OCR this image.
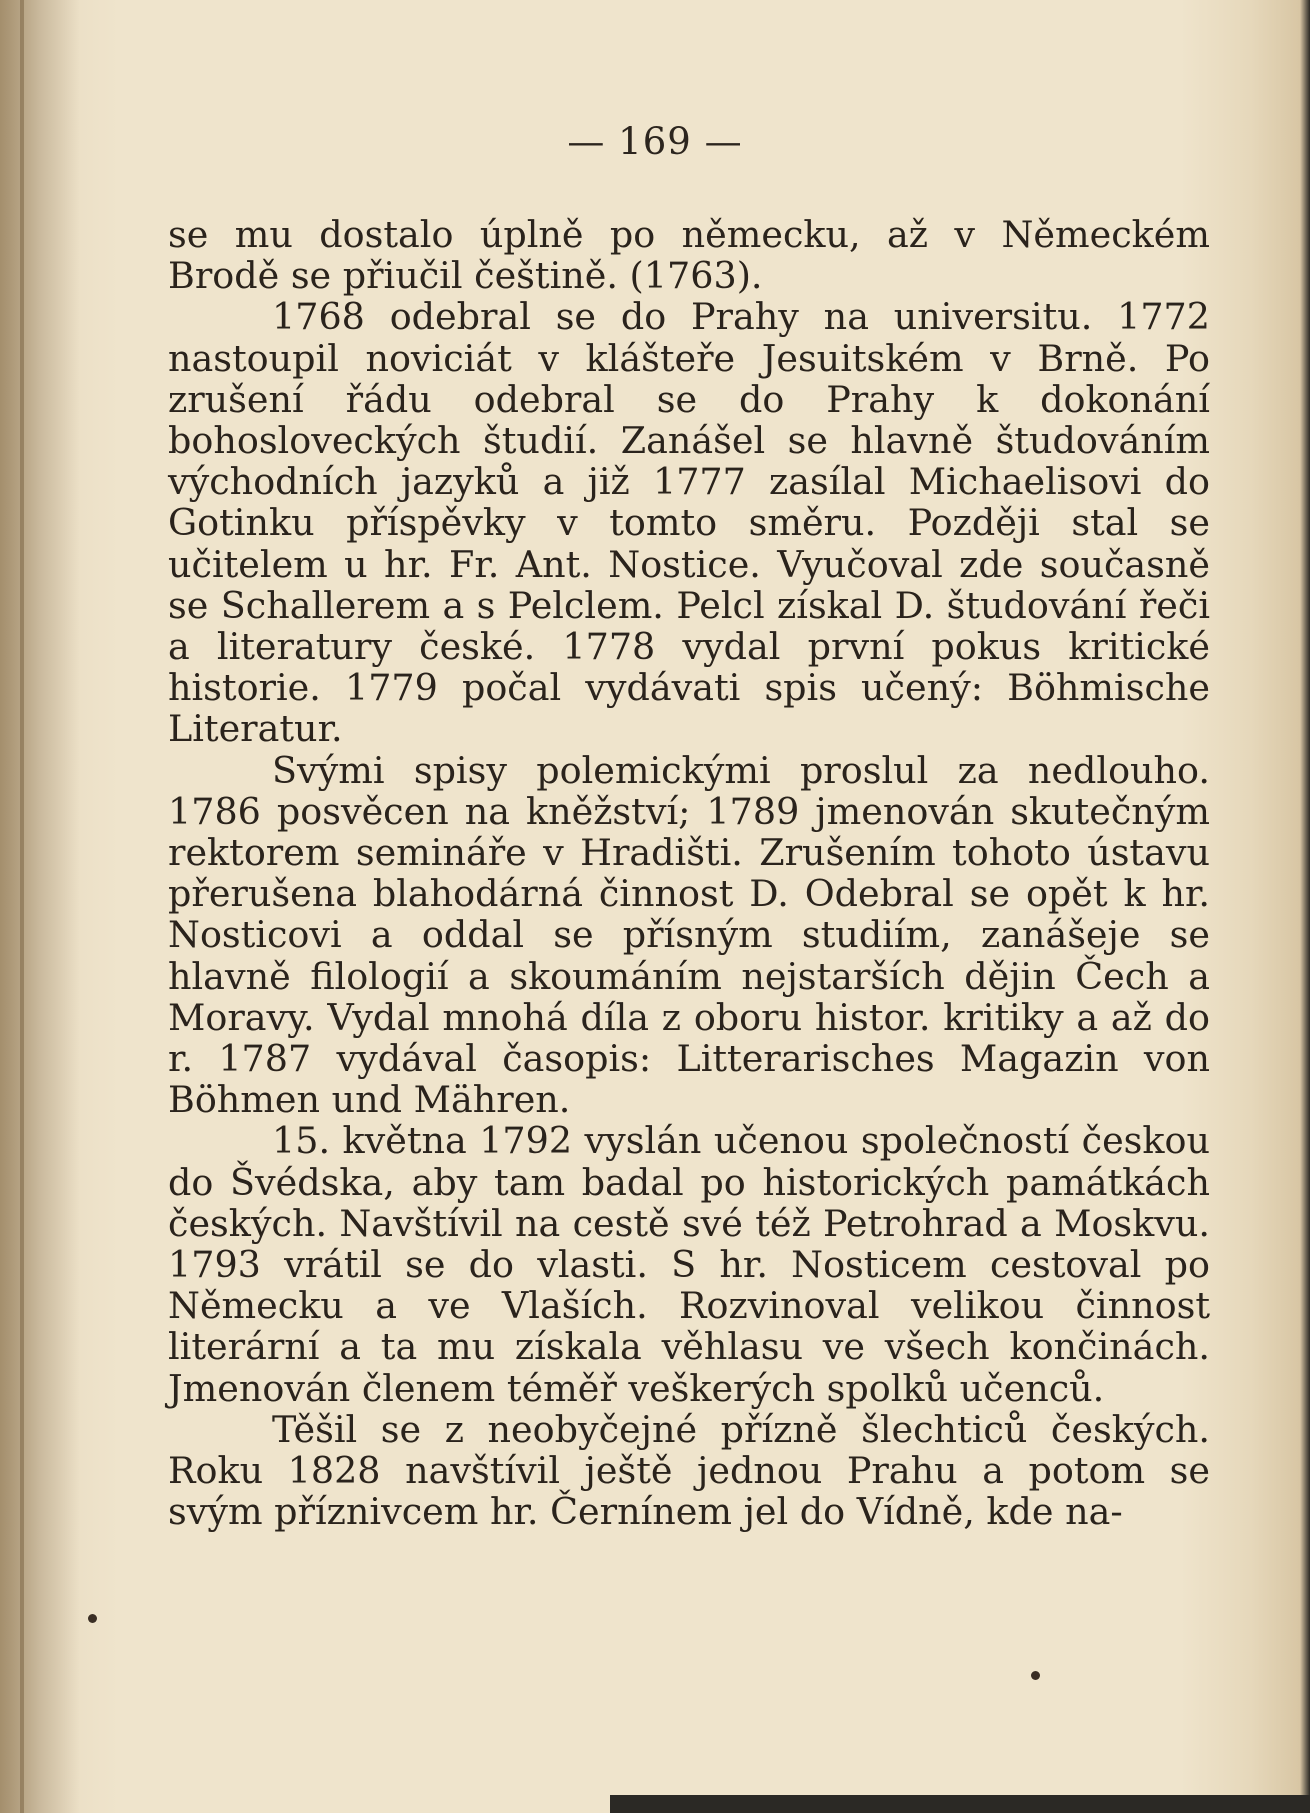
— 169 —

se mu dostalo úplně po německu, až v Německém Brodě se přiučil češtině. (1763).

1768 odebral se do Prahy na universitu. 1772 nastoupil noviciát v klášteře Jesuitském v Brně. Po zrušení řádu odebral se do Prahy k dokonání bohosloveckých študií. Zanášel se hlavně študováním východních jazyků a již 1777 zasílal Michaelisovi do Gotinku příspěvky v tomto směru. Později stal se učitelem u hr. Fr. Ant. Nostice. Vyučoval zde současně se Schallerem a s Pelclem. Pelcl získal D. študování řeči a literatury české. 1778 vydal první pokus kritické historie. 1779 počal vydávati spis učený: Böhmische Literatur.

Svými spisy polemickými proslul za nedlouho. 1786 posvěcen na kněžství; 1789 jmenován skutečným rektorem semináře v Hradišti. Zrušením tohoto ústavu přerušena blahodárná činnost D. Odebral se opět k hr. Nosticovi a oddal se přísným studiím, zanášeje se hlavně filologií a skoumáním nejstarších dějin Čech a Moravy. Vydal mnohá díla z oboru histor. kritiky a až do r. 1787 vydával časopis: Litterarisches Magazin von Böhmen und Mähren.

15. května 1792 vyslán učenou společností českou do Švédska, aby tam badal po historických památkách českých. Navštívil na cestě své též Petrohrad a Moskvu. 1793 vrátil se do vlasti. S hr. Nosticem cestoval po Německu a ve Vlaších. Rozvinoval velikou činnost literární a ta mu získala věhlasu ve všech končinách. Jmenován členem téměř veškerých spolků učenců.

Těšil se z neobyčejné přízně šlechticů českých. Roku 1828 navštívil ještě jednou Prahu a potom se svým příznivcem hr. Černínem jel do Vídně, kde na-
